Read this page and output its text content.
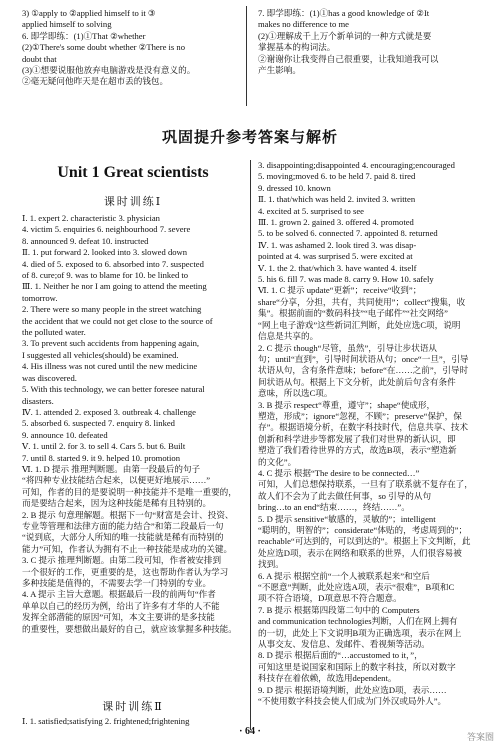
3) ①apply to ②applied himself to it ③

applied himself to solving

6. 即学即练：(1)①That ②whether

(2)①There's some doubt whether ②There is no

doubt that

(3)①想要说服他放弃电脑游戏是没有意义的。

②毫无疑问他昨天是在超市丢的钱包。

7. 即学即练：(1)①has a good knowledge of ②It

makes no difference to me

(2)①理解成千上万个新单词的一种方式就是要

掌握基本的构词法。

②谢谢你让我变得自己很重要，让我知道我可以

产生影响。

巩固提升参考答案与解析
Unit 1 Great scientists
课时训练Ⅰ

Ⅰ. 1. expert 2. characteristic 3. physician

4. victim 5. enquiries 6. neighbourhood 7. severe

8. announced 9. defeat 10. instructed

Ⅱ. 1. put forward 2. looked into 3. slowed down

4. died of 5. exposed to 6. absorbed into 7. suspected

of 8. cure;of 9. was to blame for 10. be linked to

Ⅲ. 1. Neither he nor I am going to attend the meeting

tomorrow.

2. There were so many people in the street watching

the accident that we could not get close to the source of

the polluted water.

3. To prevent such accidents from happening again,

I suggested all vehicles(should) be examined.

4. His illness was not cured until the new medicine

was discovered.

5. With this technology, we can better foresee natural

disasters.

Ⅳ. 1. attended 2. exposed 3. outbreak 4. challenge

5. absorbed 6. suspected 7. enquiry 8. linked

9. announce 10. defeated

Ⅴ. 1. until 2. for 3. to sell 4. Cars 5. but 6. Built

7. until 8. started 9. it 9. helped 10. promotion

Ⅵ. 1. D 提示 推理判断题。由第一段最后的句子

“将四种专业技能结合起来，以便更好地展示……”

可知，作者的目的是要说明一种技能并不是唯一重要的，

而是要结合起来，因为这种技能是稀有且特别的。

2. B 提示 句意理解题。根据下一句“财富是会计、投资、

专业等管理和法律方面的能力结合”和第二段最后一句

“说到底，大部分人所知的唯一技能就是稀有而特别的

能力”可知，作者认为拥有不止一种技能是成功的关键。

3. C 提示 推理判断题。由第二段可知，作者被安排到

一个很好的工作，更重要的是，这也帮助作者认为学习

多种技能是值得的，不需要去学一门特别的专业。

4. A 提示 主旨大意题。根据最后一段的前两句“作者

单单以自己的经历为例，给出了许多有才华的人不能

发挥全部潜能的原因”可知，本文主要讲的是多技能

的重要性，要想做出最好的自己，就应该掌握多种技能。

课时训练Ⅱ
Ⅰ. 1. satisfied;satisfying 2. frightened;frightening

3. disappointing;disappointed 4. encouraging;encouraged

5. moving;moved 6. to be held 7. paid 8. tired

9. dressed 10. known

Ⅱ. 1. that/which was held 2. invited 3. written

4. excited at 5. surprised to see

Ⅲ. 1. grown 2. gained 3. offered 4. promoted

5. to be solved 6. connected 7. appointed 8. returned

Ⅳ. 1. was ashamed 2. look tired 3. was disap-

pointed at 4. was surprised 5. were excited at

Ⅴ. 1. the 2. that/which 3. have wanted 4. itself

5. his 6. fill 7. was made 8. carry 9. How 10. safely

Ⅵ. 1. C 提示 update“更新”；receive“收到”；

share“分享，分担，共有，共同使用”；collect“搜集，收

集”。根据前面的“数码科技”“电子邮件”“社交网络”

“网上电子游戏”这些新词汇判断，此处应选C项，说明

信息是共享的。

2. C 提示 though“尽管，虽然”，引导让步状语从

句；until“直到”，引导时间状语从句；once“一旦”，引导

状语从句，含有条件意味；before“在……之前”，引导时

间状语从句。根据上下文分析，此处前后句含有条件

意味，所以选C项。

3. B 提示 respect“尊重，遵守”；shape“使成形，

塑造，形成”；ignore“忽视，不顾”；preserve“保护，保

存”。根据语境分析，在数字科技时代，信息共享、技术

创新和科学进步等都发展了我们对世界的新认识，即

塑造了我们看待世界的方式，故选B项，表示“塑造新

的文化”。

4. C 提示 根据“The desire to be connected…”

可知，人们总想保持联系，一旦有了联系就不复存在了，

故人们不会为了此去做任何事，so 引导的从句

bring…to an end“结束……，终结……”。

5. D 提示 sensitive“敏感的，灵敏的”；intelligent

“聪明的，明智的”；considerate“体贴的，考虑周到的”；

reachable“可达到的，可以到达的”。根据上下文判断，此

处应选D项，表示在网络和联系的世界，人们很容易被

找到。

6. A 提示 根据空前“一个人被联系起来”和空后

“不愿意”判断，此处应选A项，表示“很难”，B项和C

项不符合语境，D项意思不符合题意。

7. B 提示 根据第四段第二句中的 Computers

and communication technologies判断，人们在网上拥有

的一切，此处上下文说明B项为正确选项，表示在网上

从事交友、发信息、发邮件、看视频等活动。

8. D 提示 根据后面的“…accustomed to it，”，

可知这里是说国家和国际上的数字科技，所以对数字

科技存在着依赖，故选用dependent。

9. D 提示 根据语境判断，此处应选D项，表示……

“不使用数字科技会使人们成为门外汉或局外人”。

· 64 ·
答案圈
